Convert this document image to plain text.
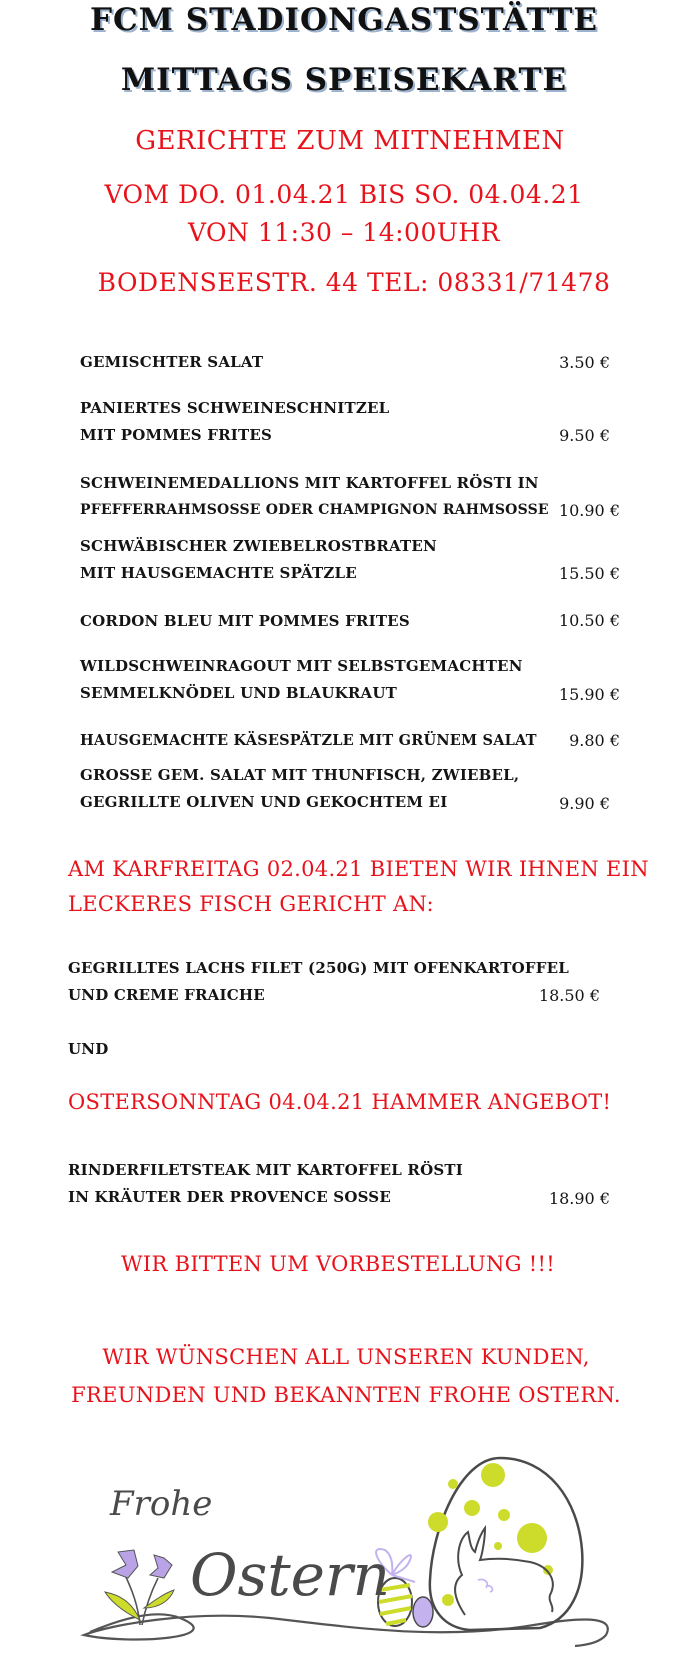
FCM STADIONGASTSTÄTTE
MITTAGS SPEISEKARTE
GERICHTE ZUM MITNEHMEN
VOM DO. 01.04.21 BIS SO. 04.04.21
VON 11:30 – 14:00UHR
BODENSEESTR. 44 TEL: 08331/71478
GEMISCHTER SALAT	3.50 €
PANIERTES SCHWEINESCHNITZEL
MIT POMMES FRITES	9.50 €
SCHWEINEMEDALLIONS MIT KARTOFFEL RÖSTI IN
PFEFFERRAHMSOSSE ODER CHAMPIGNON RAHMSOSSE 10.90 €
SCHWÄBISCHER ZWIEBELROSTBRATEN
MIT HAUSGEMACHTE SPÄTZLE	15.50 €
CORDON BLEU MIT POMMES FRITES	10.50 €
WILDSCHWEINRAGOUT MIT SELBSTGEMACHTEN
SEMMELKNÖDEL UND BLAUKRAUT	15.90 €
HAUSGEMACHTE KÄSESPÄTZLE MIT GRÜNEM SALAT	9.80 €
GROSSE GEM. SALAT MIT THUNFISCH, ZWIEBEL,
GEGRILLTE OLIVEN UND GEKOCHTEM EI	9.90 €
AM KARFREITAG 02.04.21 BIETEN WIR IHNEN EIN
LECKERES FISCH GERICHT AN:
GEGRILLTES LACHS FILET (250G) MIT OFENKARTOFFEL
UND CREME FRAICHE	18.50 €
UND
OSTERSONNTAG 04.04.21 HAMMER ANGEBOT!
RINDERFILETSTEAK MIT KARTOFFEL RÖSTI
IN KRÄUTER DER PROVENCE SOSSE	18.90 €
WIR BITTEN UM VORBESTELLUNG !!!
WIR WÜNSCHEN ALL UNSEREN KUNDEN,
FREUNDEN UND BEKANNTEN FROHE OSTERN.
Frohe
Ostern
